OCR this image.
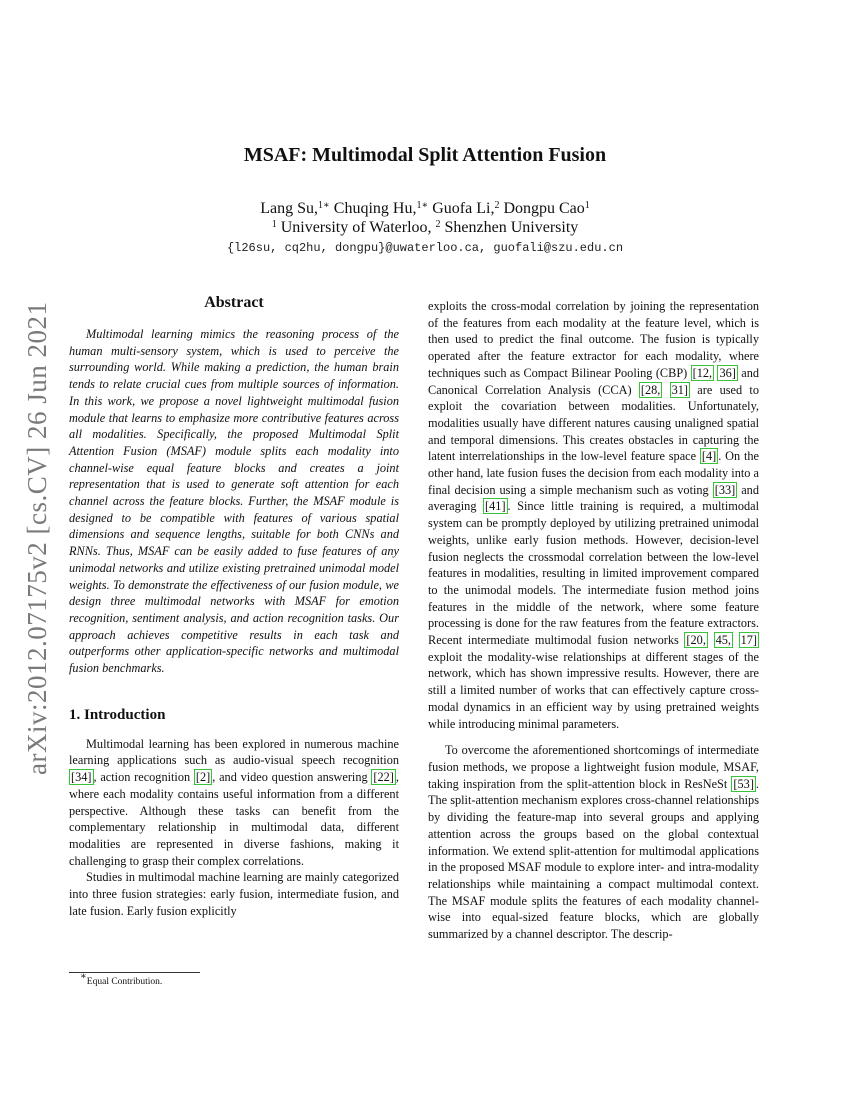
arXiv:2012.07175v2 [cs.CV] 26 Jun 2021
MSAF: Multimodal Split Attention Fusion
Lang Su,$^{1∗}$ Chuqing Hu,$^{1∗}$ Guofa Li,$^2$ Dongpu Cao$^1$
$^1$ University of Waterloo, $^2$ Shenzhen University
{l26su, cq2hu, dongpu}@uwaterloo.ca, guofali@szu.edu.cn
Abstract

Multimodal learning mimics the reasoning process of the human multi-sensory system, which is used to perceive the surrounding world. While making a prediction, the human brain tends to relate crucial cues from multiple sources of information. In this work, we propose a novel lightweight multimodal fusion module that learns to emphasize more contributive features across all modalities. Specifically, the proposed Multimodal Split Attention Fusion (MSAF) module splits each modality into channel-wise equal feature blocks and creates a joint representation that is used to generate soft attention for each channel across the feature blocks. Further, the MSAF module is designed to be compatible with features of various spatial dimensions and sequence lengths, suitable for both CNNs and RNNs. Thus, MSAF can be easily added to fuse features of any unimodal networks and utilize existing pretrained unimodal model weights. To demonstrate the effectiveness of our fusion module, we design three multimodal networks with MSAF for emotion recognition, sentiment analysis, and action recognition tasks. Our approach achieves competitive results in each task and outperforms other application-specific networks and multimodal fusion benchmarks.

1. Introduction

Multimodal learning has been explored in numerous machine learning applications such as audio-visual speech recognition [34] , action recognition [2] , and video question answering [22] , where each modality contains useful information from a different perspective. Although these tasks can benefit from the complementary relationship in multimodal data, different modalities are represented in diverse fashions, making it challenging to grasp their complex correlations.

Studies in multimodal machine learning are mainly categorized into three fusion strategies: early fusion, intermediate fusion, and late fusion. Early fusion explicitly

exploits the cross-modal correlation by joining the representation of the features from each modality at the feature level, which is then used to predict the final outcome. The fusion is typically operated after the feature extractor for each modality, where techniques such as Compact Bilinear Pooling (CBP) [12, 36] and Canonical Correlation Analysis (CCA) [28, 31] are used to exploit the covariation between modalities. Unfortunately, modalities usually have different natures causing unaligned spatial and temporal dimensions. This creates obstacles in capturing the latent interrelationships in the low-level feature space [4] . On the other hand, late fusion fuses the decision from each modality into a final decision using a simple mechanism such as voting [33] and averaging [41] . Since little training is required, a multimodal system can be promptly deployed by utilizing pretrained unimodal weights, unlike early fusion methods. However, decision-level fusion neglects the crossmodal correlation between the low-level features in modalities, resulting in limited improvement compared to the unimodal models. The intermediate fusion method joins features in the middle of the network, where some feature processing is done for the raw features from the feature extractors. Recent intermediate multimodal fusion networks [20, 45, 17] exploit the modality-wise relationships at different stages of the network, which has shown impressive results. However, there are still a limited number of works that can effectively capture cross-modal dynamics in an efficient way by using pretrained weights while introducing minimal parameters.

To overcome the aforementioned shortcomings of intermediate fusion methods, we propose a lightweight fusion module, MSAF, taking inspiration from the split-attention block in ResNeSt [53] . The split-attention mechanism explores cross-channel relationships by dividing the feature-map into several groups and applying attention across the groups based on the global contextual information. We extend split-attention for multimodal applications in the proposed MSAF module to explore inter- and intra-modality relationships while maintaining a compact multimodal context. The MSAF module splits the features of each modality channel-wise into equal-sized feature blocks, which are globally summarized by a channel descriptor. The descrip-

∗Equal Contribution.
